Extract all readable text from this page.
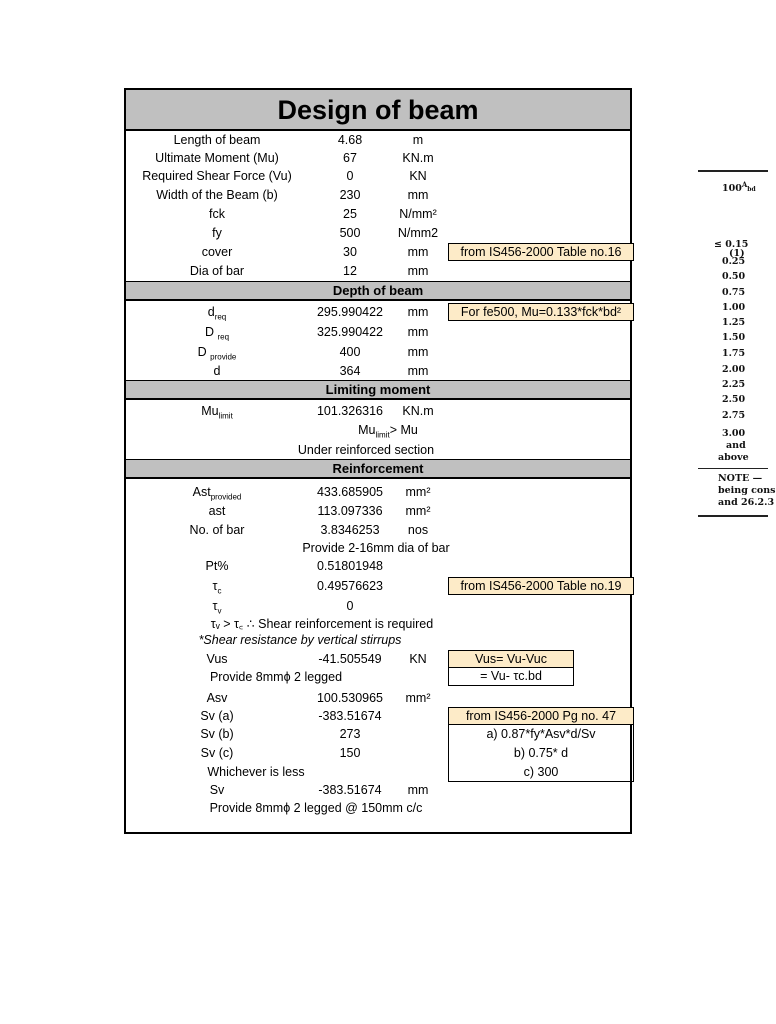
Design of beam
Length of beam	4.68	m
Ultimate Moment (Mu)	67	KN.m
Required Shear Force (Vu)	0	KN
Width of the Beam (b)	230	mm
fck	25	N/mm²
fy	500	N/mm2
cover	30	mm	from IS456-2000 Table no.16
Dia of bar	12	mm
Depth of beam
$d_{req}$	295.990422	mm	For fe500, Mu=0.133*fck*bd²
D $_{req}$	325.990422	mm
D $_{provide}$	400	mm
d	364	mm
Limiting moment
$Mu_{limit}$	101.326316	KN.m
$Mu_{limit}> Mu$
Under reinforced section
Reinforcement
Ast$_{provided}$	433.685905	mm²
ast	113.097336	mm²
No. of bar	3.8346253	nos
Provide 2-16mm dia of bar
Pt%	0.51801948
$\tau_c$	0.49576623	from IS456-2000 Table no.19
$\tau_v$	0
τᵥ > τ꜀ ∴ Shear reinforcement is required
*Shear resistance by vertical stirrups
Vus	-41.505549	KN	Vus= Vu-Vuc
Provide 8mmϕ 2 legged	= Vu- τc.bd
Asv	100.530965	mm²
Sv (a)	-383.51674	from IS456-2000 Pg no. 47
Sv (b)	273	a) 0.87*fy*Asv*d/Sv
Sv (c)	150	b) 0.75* d
Whichever is less	c) 300
Sv	-383.51674	mm
Provide 8mmϕ 2 legged @ 150mm c/c
$100^Abd$
(1)
≤ 0.15
0.25
0.50
0.75
1.00
1.25
1.50
1.75
2.00
2.25
2.50
2.75
3.00
and
above
NOTE —
being cons
and 26.2.3
